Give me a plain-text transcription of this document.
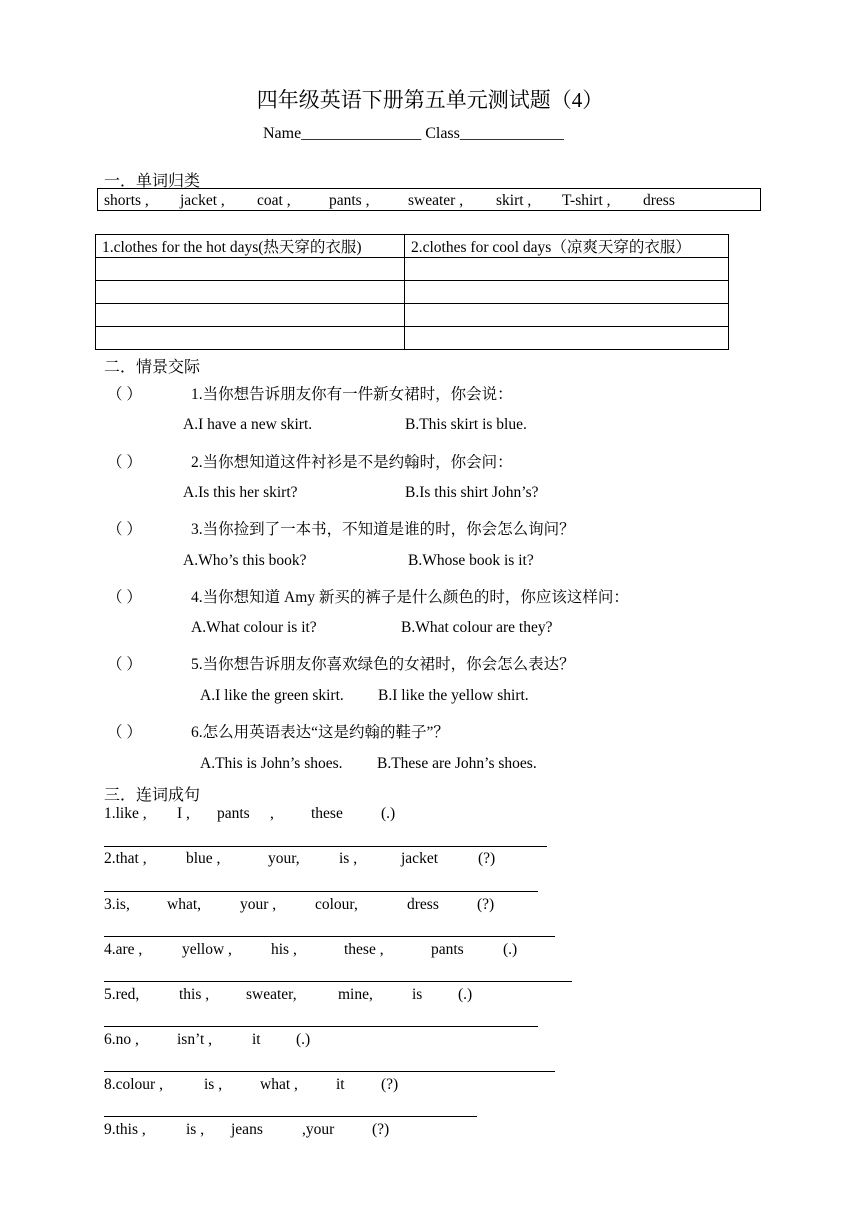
四年级英语下册第五单元测试题（4）
Name_______________ Class_____________
一．单词归类
shorts , jacket , coat , pants , sweater , skirt , T-shirt , dress
1.clothes for the hot days(热天穿的衣服)	2.clothes for cool days（凉爽天穿的衣服）

二．情景交际
（ ）	1.当你想告诉朋友你有一件新女裙时，你会说：
A.I have a new skirt.	B.This skirt is blue.
（ ）	2.当你想知道这件衬衫是不是约翰时，你会问：
A.Is this her skirt?	B.Is this shirt John’s?
（ ）	3.当你捡到了一本书，不知道是谁的时，你会怎么询问？
A.Who’s this book?	B.Whose book is it?
（ ）	4.当你想知道 Amy 新买的裤子是什么颜色的时，你应该这样问：
A.What colour is it?	B.What colour are they?
（ ）	5.当你想告诉朋友你喜欢绿色的女裙时，你会怎么表达？
A.I like the green skirt. B.I like the yellow shirt.
（ ）	6.怎么用英语表达“这是约翰的鞋子”？
A.This is John’s shoes. B.These are John’s shoes.
三．连词成句
1.like , I , pants , these (.)
2.that ,	blue ,	your,	is ,	jacket	(?)
3.is, what,	your ,	colour,	dress (?)
4.are ,	yellow ,	his ,	these ,	pants	(.)
5.red,	this , sweater,	mine,	is (.)
6.no , isn’t ,	it (.)
8.colour ,	is , what , it (?)
9.this ,	is , jeans	,your (?)
